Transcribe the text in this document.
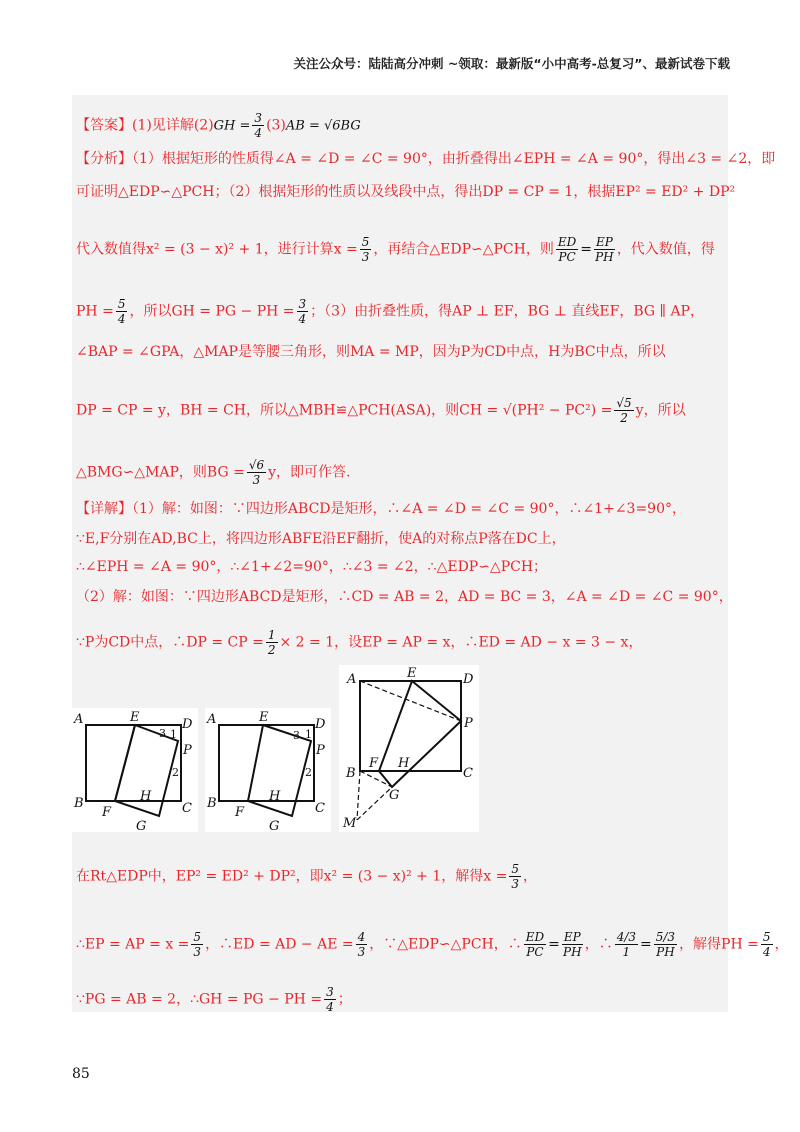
关注公众号：陆陆高分冲刺 ~领取：最新版“小中高考-总复习”、最新试卷下载
【答案】(1)见详解$(2)GH = \frac{3}{4} (3)AB = √6BG$
【分析】（1）根据矩形的性质得∠A = ∠D = ∠C = 90°，由折叠得出∠EPH = ∠A = 90°，得出∠3 = ∠2，即
可证明△EDP∽△PCH；（2）根据矩形的性质以及线段中点，得出DP = CP = 1，根据EP² = ED² + DP²
代入数值得x² = (3 − x)² + 1，进行计算$x = \frac{5}{3}$ ，再结合△EDP∽△PCH，则 $\frac{ED}{PC} = \frac{EP}{PH}$ ，代入数值，得
PH = $\frac{5}{4}$ ，所以GH = PG − PH = $\frac{3}{4}$ ；（3）由折叠性质，得AP ⊥ EF，BG ⊥ 直线EF，BG ∥ AP，
∠BAP = ∠GPA，△MAP是等腰三角形，则MA = MP，因为P为CD中点，H为BC中点，所以
DP = CP = y，BH = CH，所以△MBH≌△PCH(ASA)，则CH = $√(PH^2 - PC^2) = \frac{√5}{2}$ y，所以
△BMG∽△MAP，则BG = $\frac{√6}{3}$ y，即可作答.
【详解】（1）解：如图：∵四边形ABCD是矩形，∴∠A = ∠D = ∠C = 90°，∴∠1+∠3=90°，
∵E,F分别在AD,BC上，将四边形ABFE沿EF翻折，使A的对称点P落在DC上，
∴∠EPH = ∠A = 90°，∴∠1+∠2=90°，∴∠3 = ∠2，∴△EDP∽△PCH；
（2）解：如图：∵四边形ABCD是矩形，∴CD = AB = 2，AD = BC = 3，∠A = ∠D = ∠C = 90°，
∵P为CD中点，∴DP = CP = $\frac{1}{2} \times 2 = 1$，设EP = AP = x，∴ED = AD − x = 3 − x，
A
B	C
D
E
F
G
H
P
1
2
3
A
B	C
D
E
F
G
H
P
1
2
3
A
B	C
D
E
F
G
H
P
M
在Rt△EDP中，EP² = ED² + DP²，即x² = (3 − x)² + 1，解得$x = \frac{5}{3}$ ，
∴EP = AP = $x = \frac{5}{3}$ ，∴ED = AD − AE = $\frac{4}{3}$ ，∵△EDP∽△PCH，∴ $\frac{ED}{PC} = \frac{EP}{PH}$ ，∴ $\frac{4/3}{1} = \frac{5/3}{PH}$ ，解得PH = $\frac{5}{4}$ ，
∵PG = AB = 2，∴GH = PG − PH = $\frac{3}{4}$ ；
85
